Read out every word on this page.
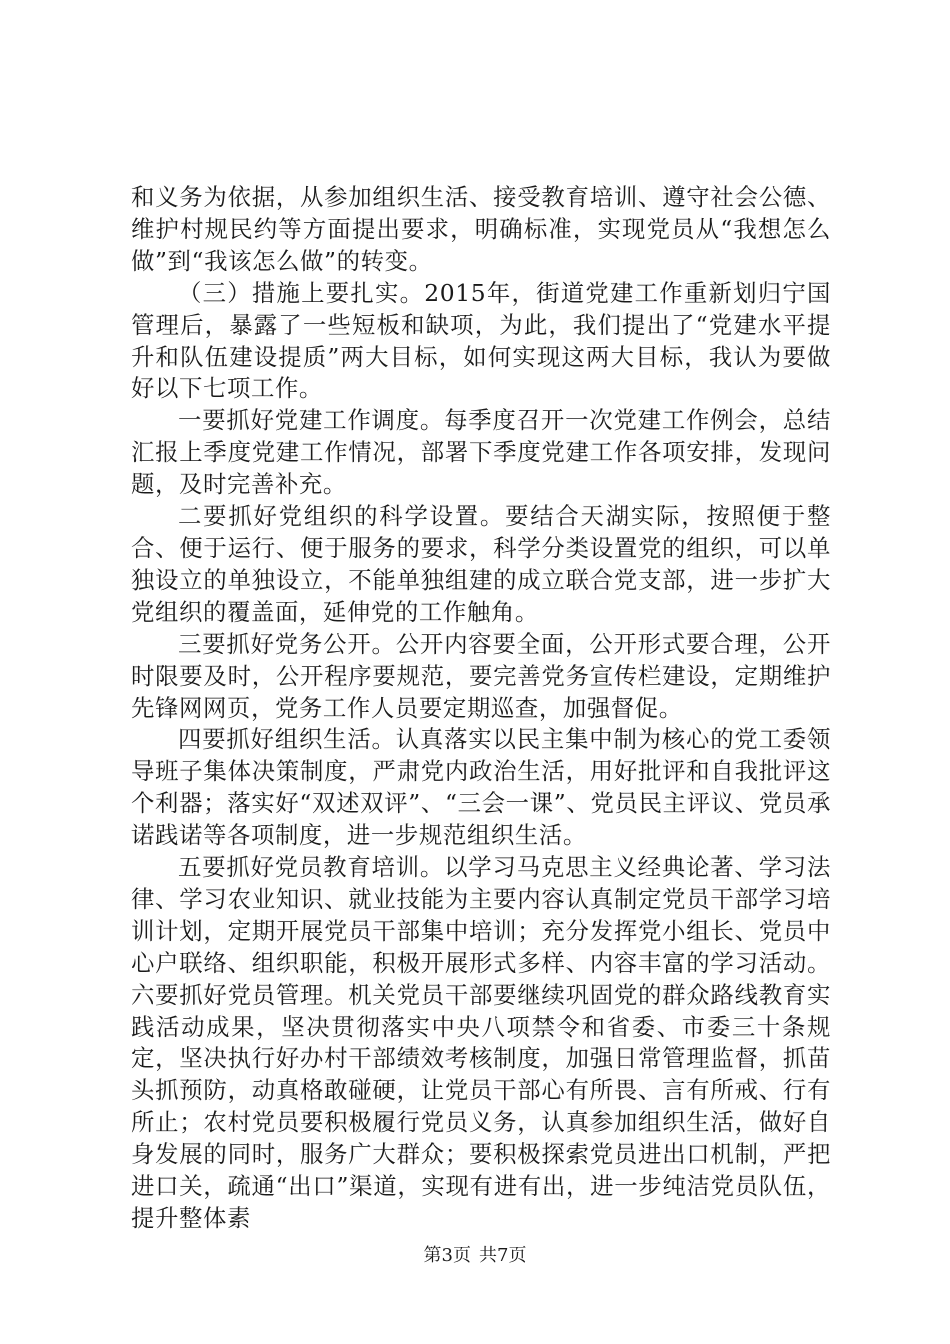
和义务为依据，从参加组织生活、接受教育培训、遵守社会公德、维护村规民约等方面提出要求，明确标准，实现党员从“我想怎么做”到“我该怎么做”的转变。

（三）措施上要扎实。2015年，街道党建工作重新划归宁国管理后，暴露了一些短板和缺项，为此，我们提出了“党建水平提升和队伍建设提质”两大目标，如何实现这两大目标，我认为要做好以下七项工作。

一要抓好党建工作调度。每季度召开一次党建工作例会，总结汇报上季度党建工作情况，部署下季度党建工作各项安排，发现问题，及时完善补充。

二要抓好党组织的科学设置。要结合天湖实际，按照便于整合、便于运行、便于服务的要求，科学分类设置党的组织，可以单独设立的单独设立，不能单独组建的成立联合党支部，进一步扩大党组织的覆盖面，延伸党的工作触角。

三要抓好党务公开。公开内容要全面，公开形式要合理，公开时限要及时，公开程序要规范，要完善党务宣传栏建设，定期维护先锋网网页，党务工作人员要定期巡查，加强督促。

四要抓好组织生活。认真落实以民主集中制为核心的党工委领导班子集体决策制度，严肃党内政治生活，用好批评和自我批评这个利器；落实好“双述双评”、“三会一课”、党员民主评议、党员承诺践诺等各项制度，进一步规范组织生活。

五要抓好党员教育培训。以学习马克思主义经典论著、学习法律、学习农业知识、就业技能为主要内容认真制定党员干部学习培训计划，定期开展党员干部集中培训；充分发挥党小组长、党员中心户联络、组织职能，积极开展形式多样、内容丰富的学习活动。六要抓好党员管理。机关党员干部要继续巩固党的群众路线教育实践活动成果，坚决贯彻落实中央八项禁令和省委、市委三十条规定，坚决执行好办村干部绩效考核制度，加强日常管理监督，抓苗头抓预防，动真格敢碰硬，让党员干部心有所畏、言有所戒、行有所止；农村党员要积极履行党员义务，认真参加组织生活，做好自身发展的同时，服务广大群众；要积极探索党员进出口机制，严把进口关，疏通“出口”渠道，实现有进有出，进一步纯洁党员队伍，提升整体素

第3页 共7页
